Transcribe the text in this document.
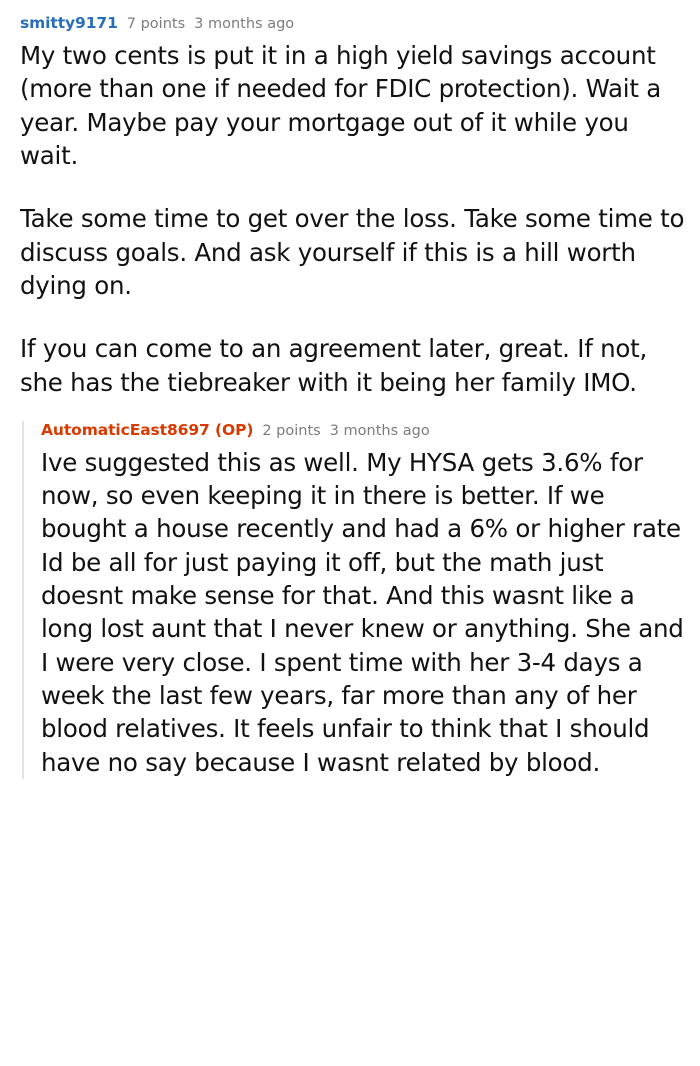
smitty9171 7 points 3 months ago

My two cents is put it in a high yield savings account (more than one if needed for FDIC protection). Wait a year. Maybe pay your mortgage out of it while you wait.

Take some time to get over the loss. Take some time to discuss goals. And ask yourself if this is a hill worth dying on.

If you can come to an agreement later, great. If not, she has the tiebreaker with it being her family IMO.

AutomaticEast8697 (OP) 2 points 3 months ago

Ive suggested this as well. My HYSA gets 3.6% for now, so even keeping it in there is better. If we bought a house recently and had a 6% or higher rate Id be all for just paying it off, but the math just doesnt make sense for that. And this wasnt like a long lost aunt that I never knew or anything. She and I were very close. I spent time with her 3-4 days a week the last few years, far more than any of her blood relatives. It feels unfair to think that I should have no say because I wasnt related by blood.
